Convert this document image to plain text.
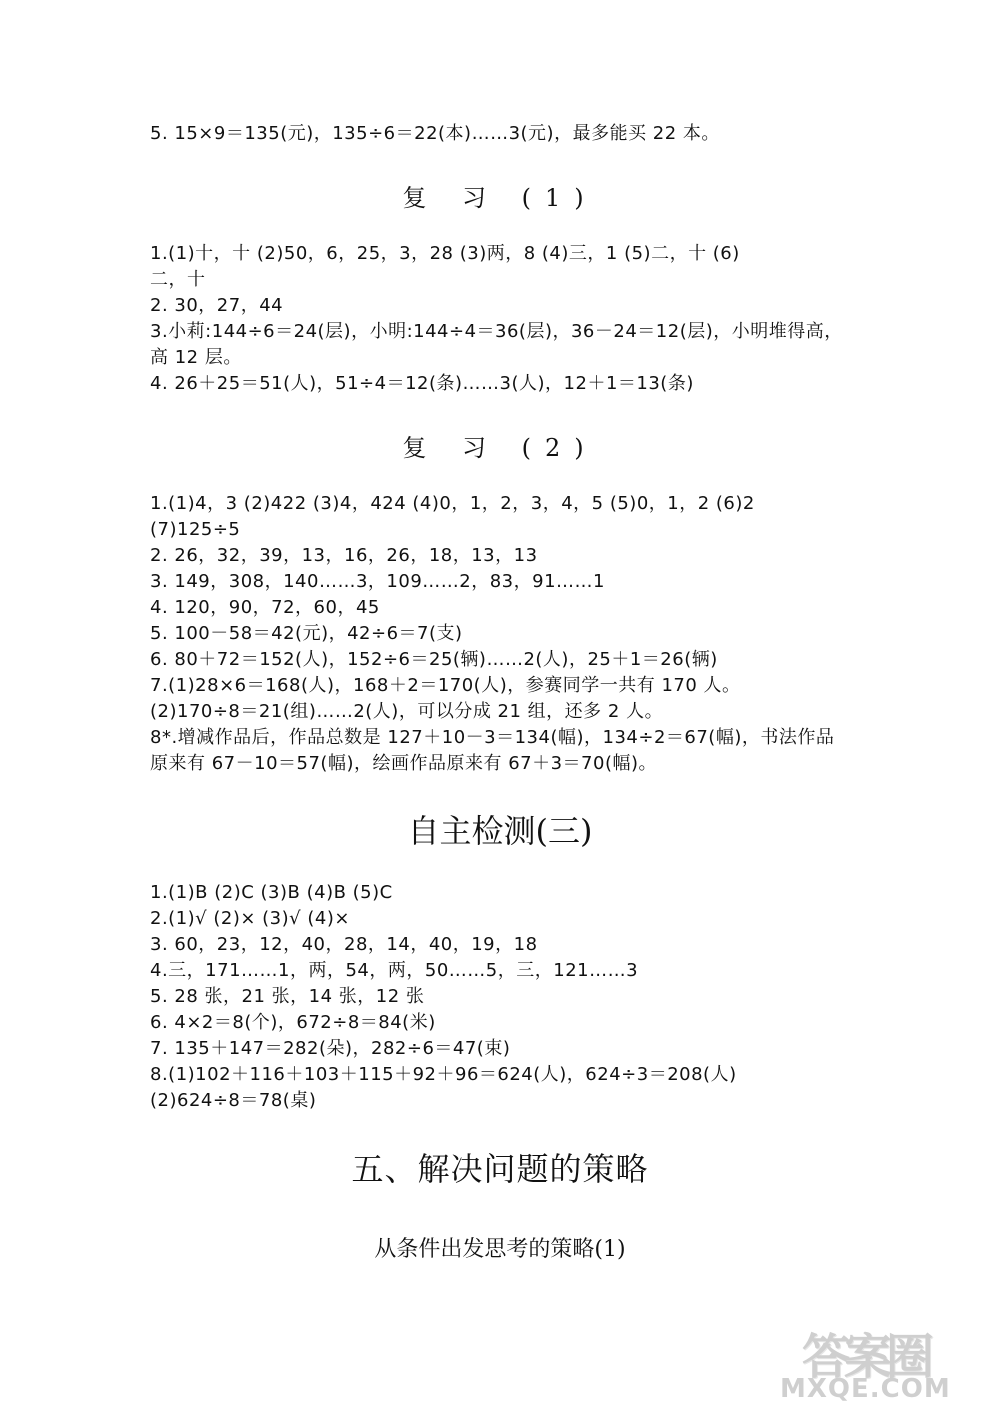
5. 15×9＝135(元)，135÷6＝22(本)……3(元)，最多能买 22 本。
复 习 (1)
1.(1)十，十 (2)50，6，25，3，28 (3)两，8 (4)三，1 (5)二，十 (6)
二，十
2. 30，27，44
3.小莉:144÷6＝24(层)，小明:144÷4＝36(层)，36－24＝12(层)，小明堆得高，
高 12 层。
4. 26＋25＝51(人)，51÷4＝12(条)……3(人)，12＋1＝13(条)
复 习 (2)
1.(1)4，3 (2)422 (3)4，424 (4)0，1，2，3，4，5 (5)0，1，2 (6)2
(7)125÷5
2. 26，32，39，13，16，26，18，13，13
3. 149，308，140……3，109……2，83，91……1
4. 120，90，72，60，45
5. 100－58＝42(元)，42÷6＝7(支)
6. 80＋72＝152(人)，152÷6＝25(辆)……2(人)，25＋1＝26(辆)
7.(1)28×6＝168(人)，168＋2＝170(人)，参赛同学一共有 170 人。
(2)170÷8＝21(组)……2(人)，可以分成 21 组，还多 2 人。
8*.增减作品后，作品总数是 127＋10－3＝134(幅)，134÷2＝67(幅)，书法作品
原来有 67－10＝57(幅)，绘画作品原来有 67＋3＝70(幅)。
自主检测(三)
1.(1)B (2)C (3)B (4)B (5)C
2.(1)√ (2)× (3)√ (4)×
3. 60，23，12，40，28，14，40，19，18
4.三，171……1，两，54，两，50……5，三，121……3
5. 28 张，21 张，14 张，12 张
6. 4×2＝8(个)，672÷8＝84(米)
7. 135＋147＝282(朵)，282÷6＝47(束)
8.(1)102＋116＋103＋115＋92＋96＝624(人)，624÷3＝208(人)
(2)624÷8＝78(桌)
五、解决问题的策略
从条件出发思考的策略(1)
答案圈
MXQE.COM
